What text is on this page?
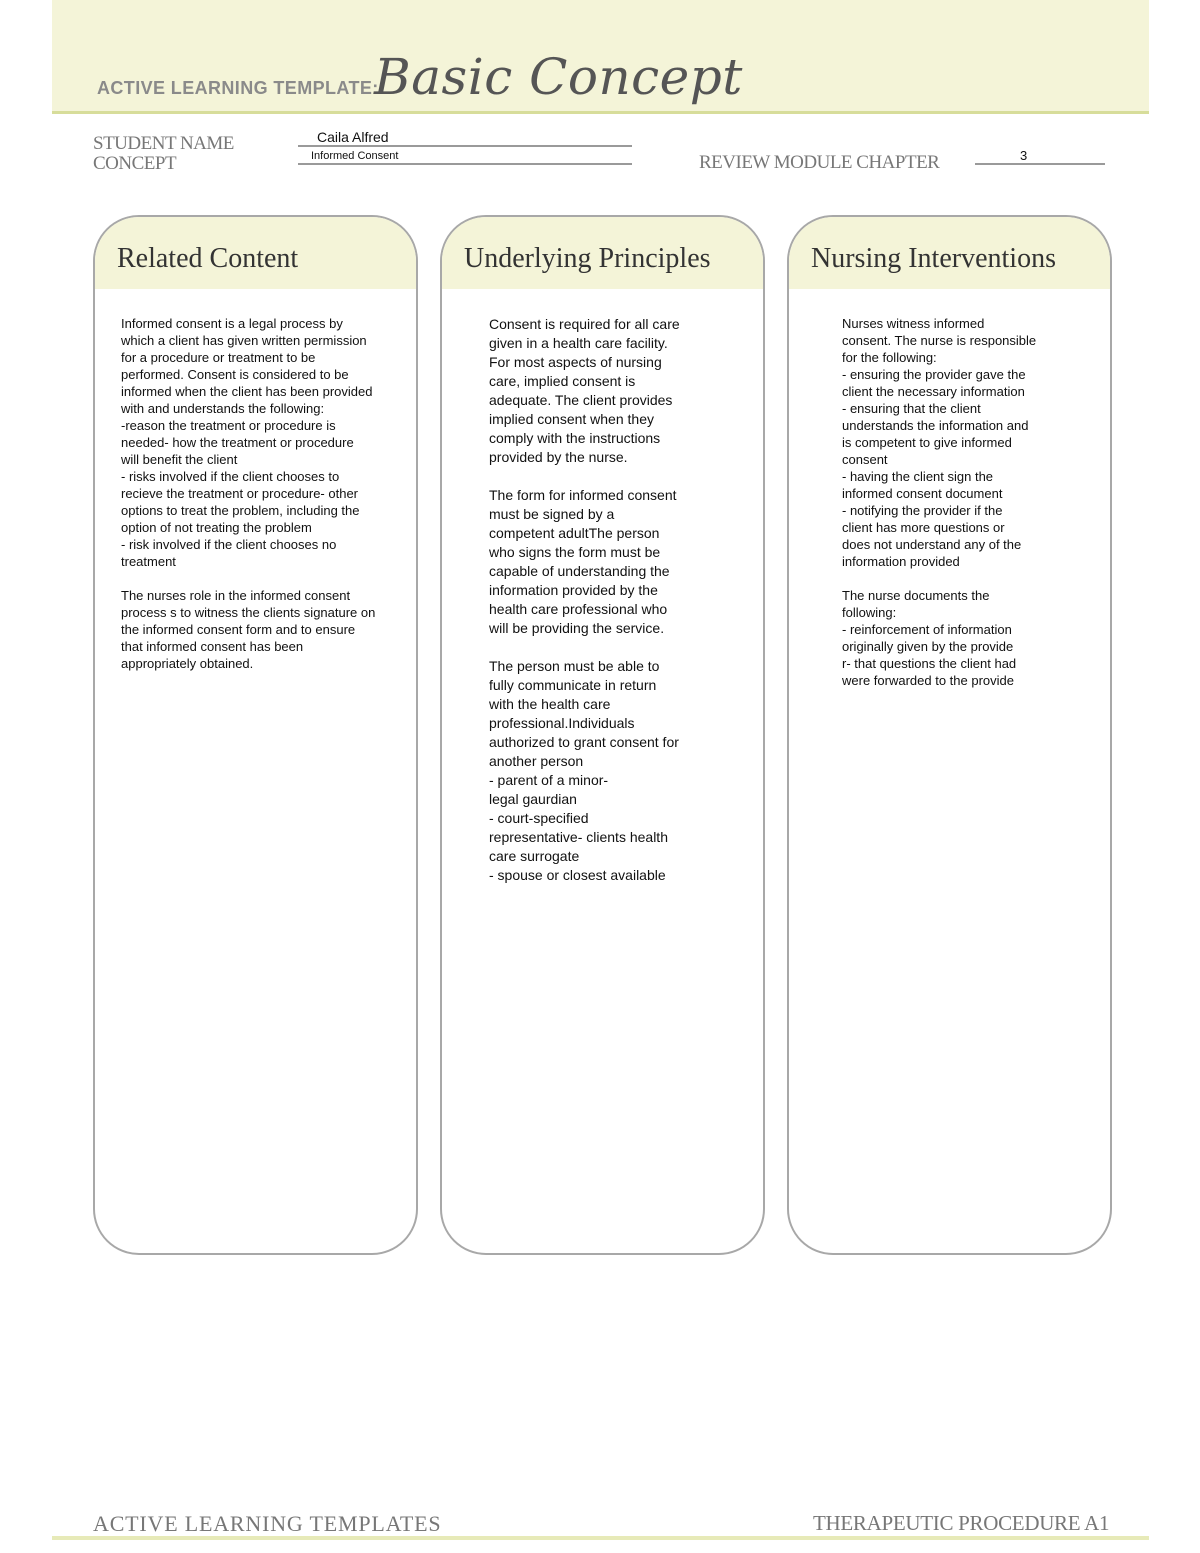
ACTIVE LEARNING TEMPLATE:
Basic Concept
STUDENT NAME	Caila Alfred
CONCEPT	Informed Consent	REVIEW MODULE CHAPTER	3
Related Content
Informed consent is a legal process by
which a client has given written permission
for a procedure or treatment to be
performed. Consent is considered to be
informed when the client has been provided
with and understands the following:
-reason the treatment or procedure is
needed- how the treatment or procedure
will benefit the client
- risks involved if the client chooses to
recieve the treatment or procedure- other
options to treat the problem, including the
option of not treating the problem
- risk involved if the client chooses no
treatment

The nurses role in the informed consent
process s to witness the clients signature on
the informed consent form and to ensure
that informed consent has been
appropriately obtained.
Underlying Principles
Consent is required for all care
given in a health care facility.
For most aspects of nursing
care, implied consent is
adequate. The client provides
implied consent when they
comply with the instructions
provided by the nurse.

The form for informed consent
must be signed by a
competent adultThe person
who signs the form must be
capable of understanding the
information provided by the
health care professional who
will be providing the service.

The person must be able to
fully communicate in return
with the health care
professional.Individuals
authorized to grant consent for
another person
- parent of a minor-
legal gaurdian
- court-specified
representative- clients health
care surrogate
- spouse or closest available
Nursing Interventions
Nurses witness informed
consent. The nurse is responsible
for the following:
- ensuring the provider gave the
client the necessary information
- ensuring that the client
understands the information and
is competent to give informed
consent
- having the client sign the
informed consent document
- notifying the provider if the
client has more questions or
does not understand any of the
information provided

The nurse documents the
following:
- reinforcement of information
originally given by the provide
r- that questions the client had
were forwarded to the provide
ACTIVE LEARNING TEMPLATES	THERAPEUTIC PROCEDURE A1
